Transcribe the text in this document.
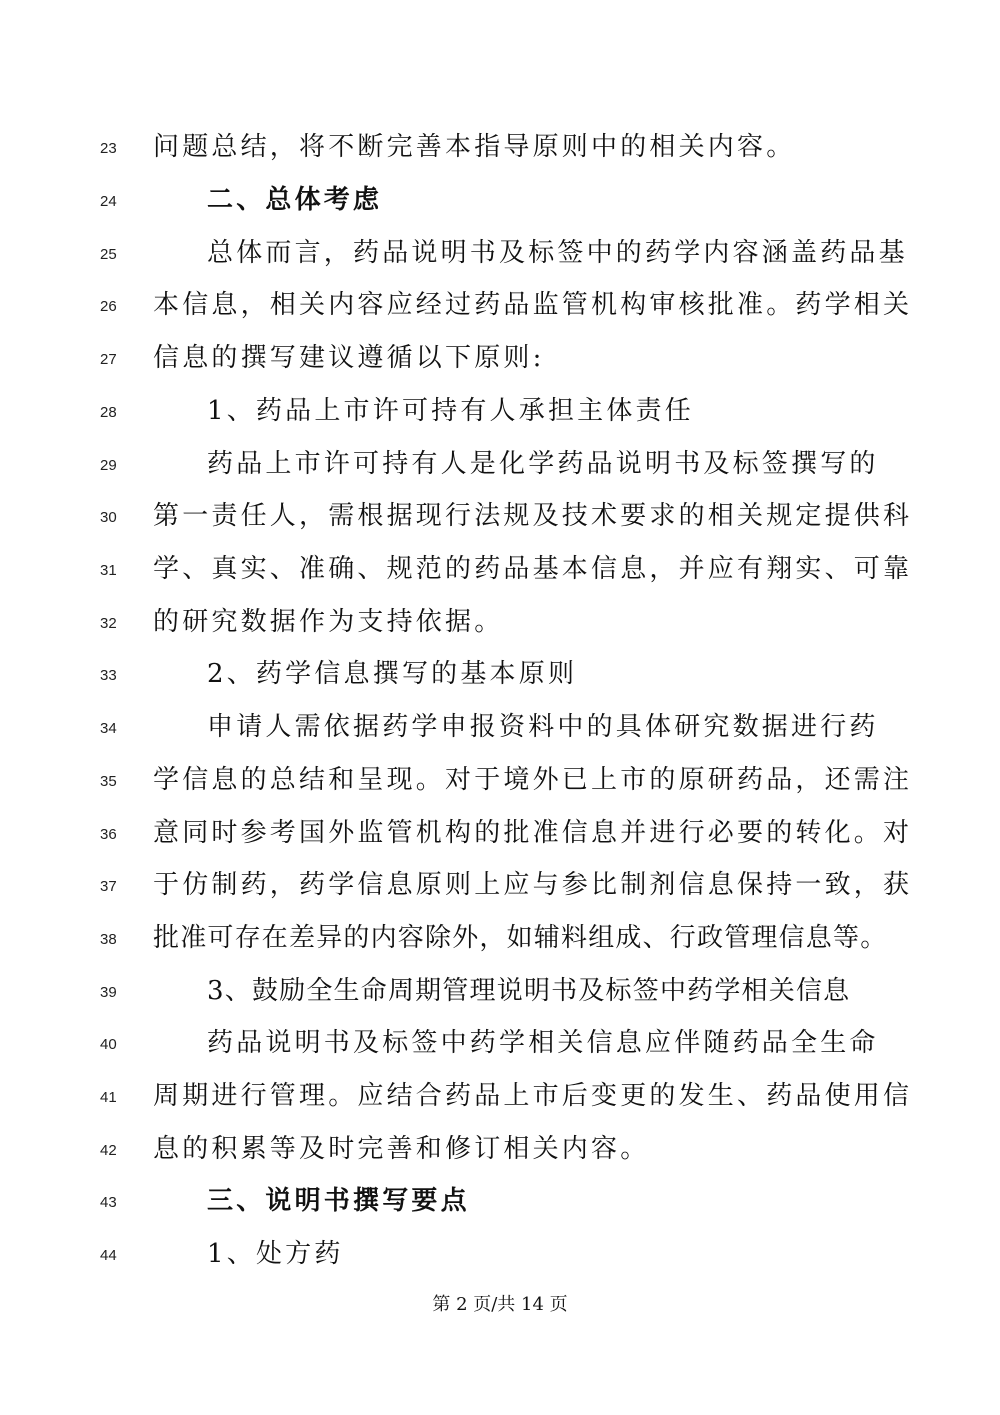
23	问题总结，将不断完善本指导原则中的相关内容。
24	二、总体考虑
25	总体而言，药品说明书及标签中的药学内容涵盖药品基
26	本信息，相关内容应经过药品监管机构审核批准。药学相关
27	信息的撰写建议遵循以下原则:
28	1、药品上市许可持有人承担主体责任
29	药品上市许可持有人是化学药品说明书及标签撰写的
30	第一责任人，需根据现行法规及技术要求的相关规定提供科
31	学、真实、准确、规范的药品基本信息，并应有翔实、可靠
32	的研究数据作为支持依据。
33	2、药学信息撰写的基本原则
34	申请人需依据药学申报资料中的具体研究数据进行药
35	学信息的总结和呈现。对于境外已上市的原研药品，还需注
36	意同时参考国外监管机构的批准信息并进行必要的转化。对
37	于仿制药，药学信息原则上应与参比制剂信息保持一致，获
38	批准可存在差异的内容除外，如辅料组成、行政管理信息等。
39	3、鼓励全生命周期管理说明书及标签中药学相关信息
40	药品说明书及标签中药学相关信息应伴随药品全生命
41	周期进行管理。应结合药品上市后变更的发生、药品使用信
42	息的积累等及时完善和修订相关内容。
43	三、说明书撰写要点
44	1、处方药
第 2 页/共 14 页
